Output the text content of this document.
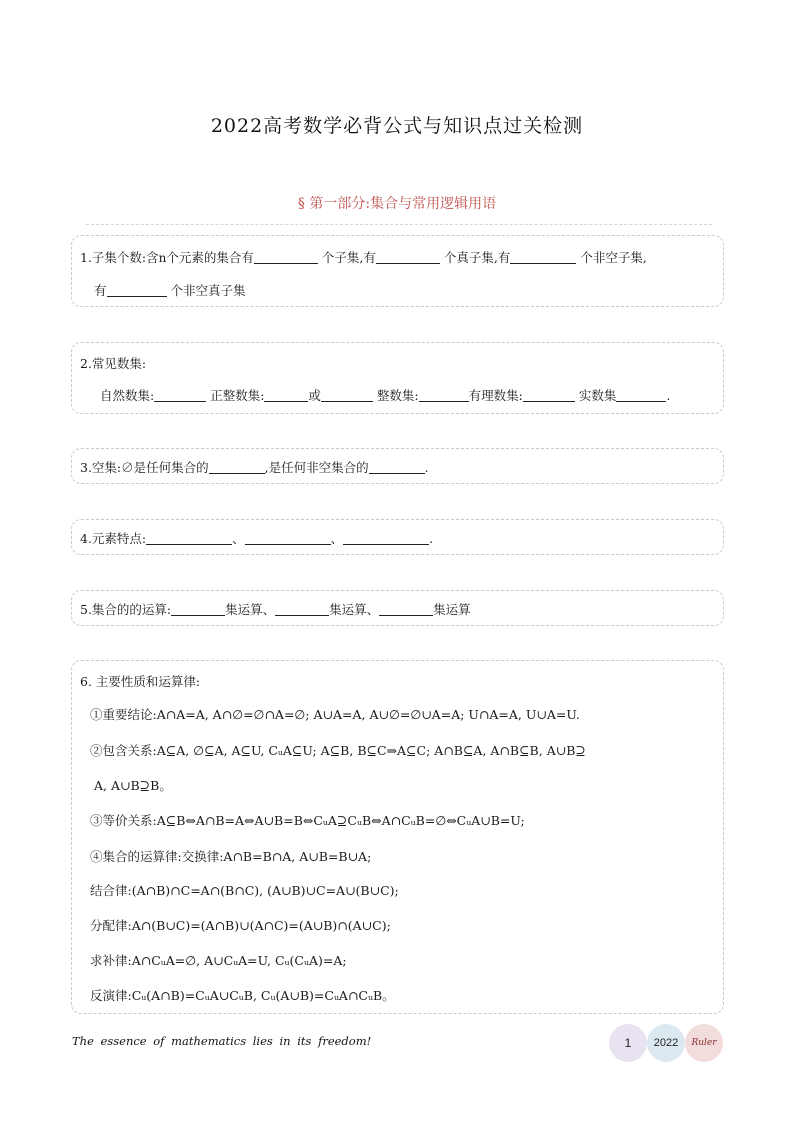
2022高考数学必背公式与知识点过关检测
§ 第一部分:集合与常用逻辑用语
1.子集个数:含n个元素的集合有	个子集,有	个真子集,有	个非空子集,
有	个非空真子集
2.常见数集:
自然数集:	正整数集:	或	整数集:	有理数集:	实数集	.
3.空集:∅是任何集合的	,是任何非空集合的	.
4.元素特点:	、	、	.
5.集合的的运算:	集运算、	集运算、	集运算
6. 主要性质和运算律:
①重要结论:A∩A=A, A∩∅=∅∩A=∅; A∪A=A, A∪∅=∅∪A=A; U∩A=A, U∪A=U.
②包含关系:A⊆A, ∅⊆A, A⊆U, CᵤA⊆U; A⊆B, B⊆C⇒A⊆C; A∩B⊆A, A∩B⊆B, A∪B⊇
A, A∪B⊇B。
③等价关系:A⊆B⇔A∩B=A⇔A∪B=B⇔CᵤA⊇CᵤB⇔A∩CᵤB=∅⇔CᵤA∪B=U;
④集合的运算律:交换律:A∩B=B∩A, A∪B=B∪A;
结合律:(A∩B)∩C=A∩(B∩C), (A∪B)∪C=A∪(B∪C);
分配律:A∩(B∪C)=(A∩B)∪(A∩C)=(A∪B)∩(A∪C);
求补律:A∩CᵤA=∅, A∪CᵤA=U, Cᵤ(CᵤA)=A;
反演律:Cᵤ(A∩B)=CᵤA∪CᵤB, Cᵤ(A∪B)=CᵤA∩CᵤB。
The essence of mathematics lies in its freedom!	1	2022	Ruler
